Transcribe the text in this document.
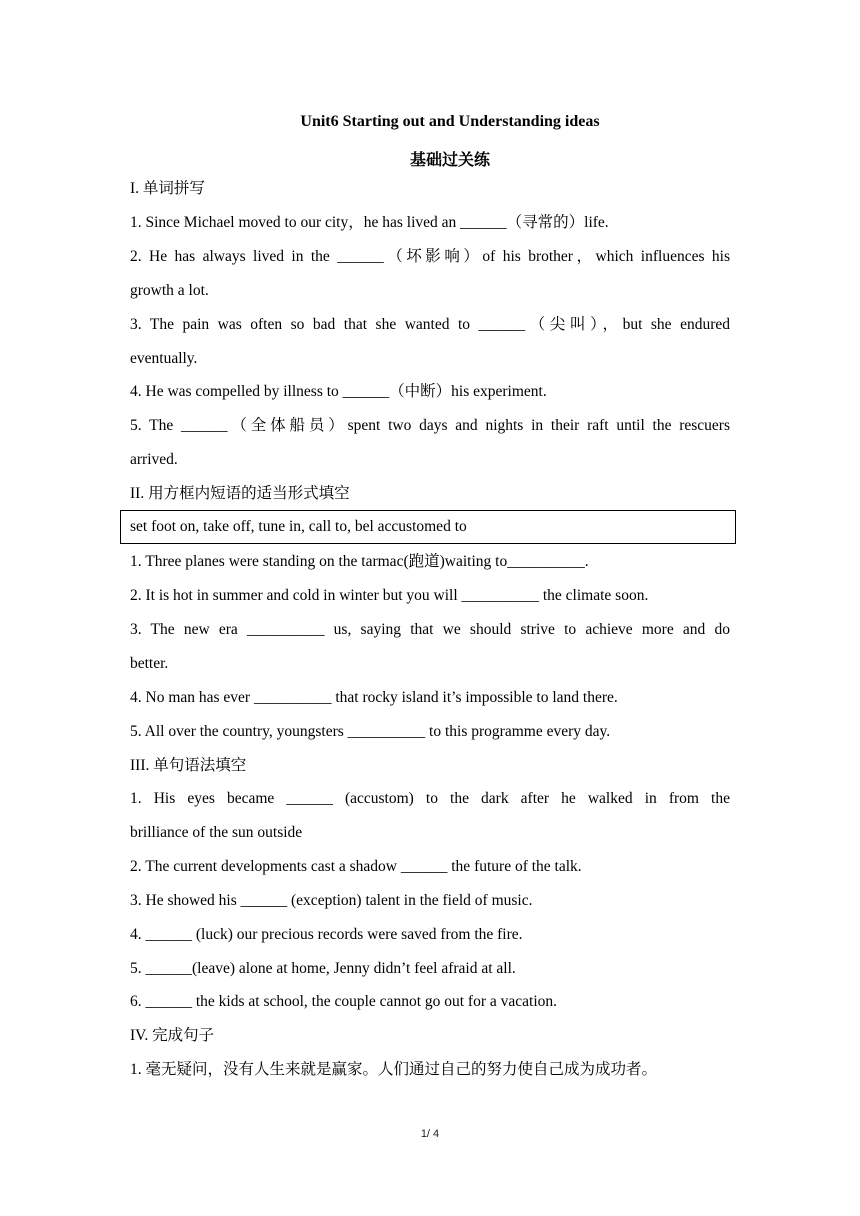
Unit6 Starting out and Understanding ideas
基础过关练
I. 单词拼写
1. Since Michael moved to our city，he has lived an ______（寻常的）life.
2. He has always lived in the ______（坏影响）of his brother，which influences his
growth a lot.
3. The pain was often so bad that she wanted to ______（尖叫），but she endured
eventually.
4. He was compelled by illness to ______（中断）his experiment.
5. The ______（全体船员）spent two days and nights in their raft until the rescuers
arrived.
II. 用方框内短语的适当形式填空
1. Three planes were standing on the tarmac(跑道)waiting to__________.
2. It is hot in summer and cold in winter but you will __________ the climate soon.
3. The new era __________ us, saying that we should strive to achieve more and do
better.
4. No man has ever __________ that rocky island it’s impossible to land there.
5. All over the country, youngsters __________ to this programme every day.
III. 单句语法填空
1. His eyes became ______ (accustom) to the dark after he walked in from the
brilliance of the sun outside
2. The current developments cast a shadow ______ the future of the talk.
3. He showed his ______ (exception) talent in the field of music.
4. ______ (luck) our precious records were saved from the fire.
5. ______(leave) alone at home, Jenny didn’t feel afraid at all.
6. ______ the kids at school, the couple cannot go out for a vacation.
IV. 完成句子
1. 毫无疑问，没有人生来就是赢家。人们通过自己的努力使自己成为成功者。
set foot on, take off, tune in, call to, bel accustomed to
1/ 4
